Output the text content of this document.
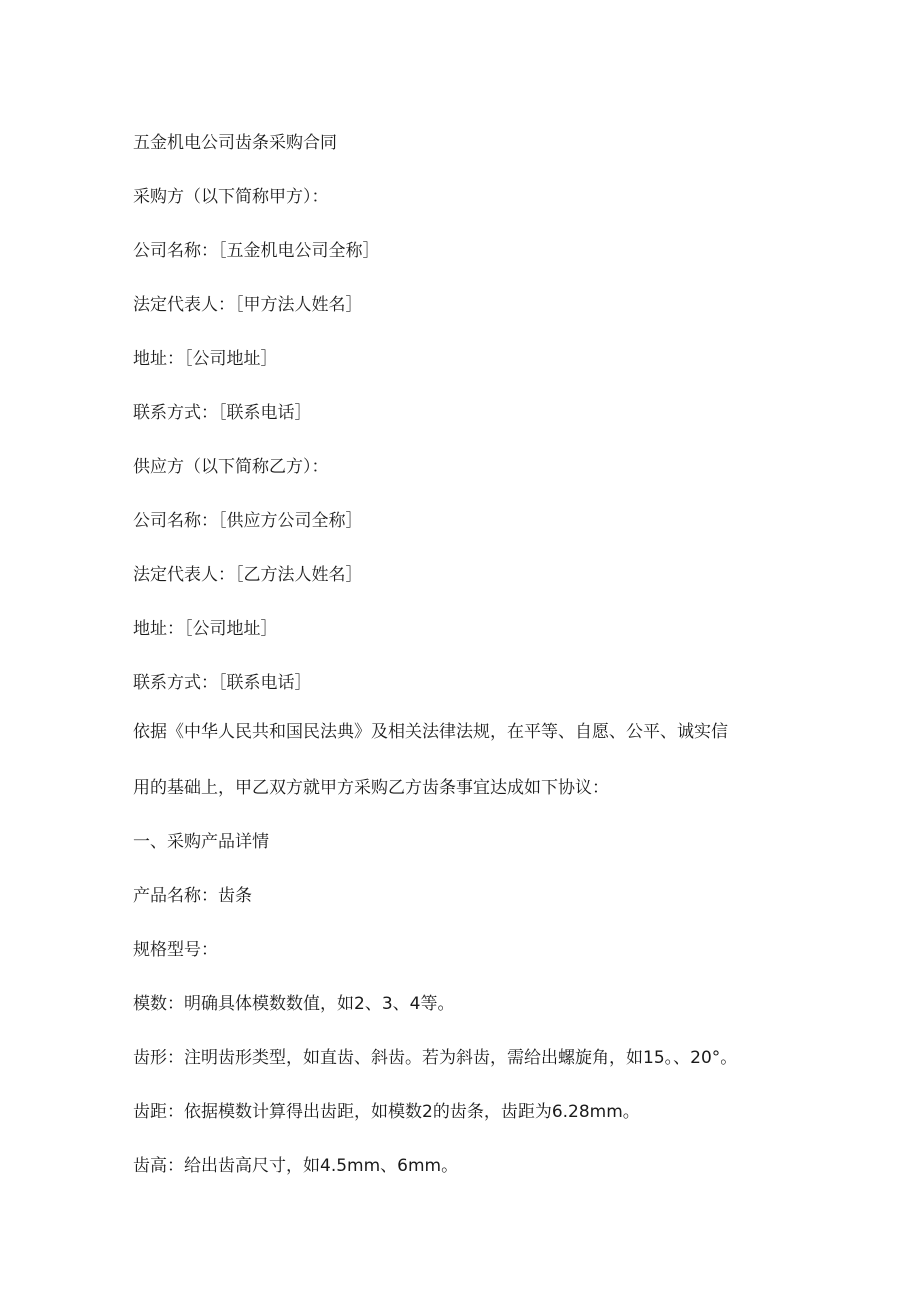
五金机电公司齿条采购合同
采购方（以下简称甲方）：
公司名称：［五金机电公司全称］
法定代表人：［甲方法人姓名］
地址：［公司地址］
联系方式：［联系电话］
供应方（以下简称乙方）：
公司名称：［供应方公司全称］
法定代表人：［乙方法人姓名］
地址：［公司地址］
联系方式：［联系电话］
依据《中华人民共和国民法典》及相关法律法规，在平等、自愿、公平、诚实信
用的基础上，甲乙双方就甲方采购乙方齿条事宜达成如下协议：
一、采购产品详情
产品名称：齿条
规格型号：
模数：明确具体模数数值，如2、3、4等。
齿形：注明齿形类型，如直齿、斜齿。若为斜齿，需给出螺旋角，如15。、20°。
齿距：依据模数计算得出齿距，如模数2的齿条，齿距为6.28mm。
齿高：给出齿高尺寸，如4.5mm、6mm。
